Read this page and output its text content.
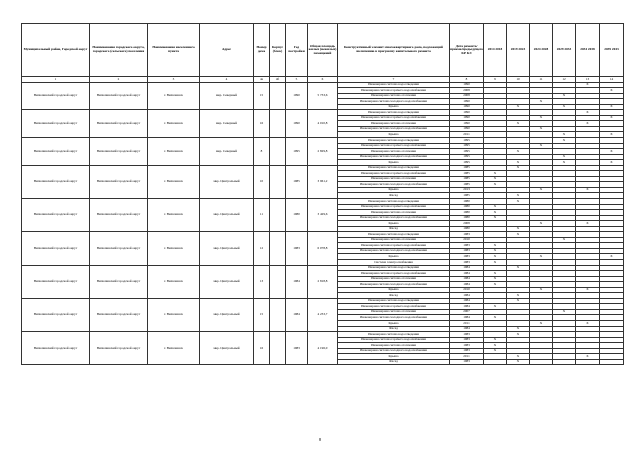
Муниципальный район, Городской округ	Наименование городского округа, городского (сельского) поселения	Наименование населенного пункта	Адрес	Номер дома	Корпус (блок)	Год постройки	Общая площадь жилых (нежилых) помещений	Конструктивный элемент многоквартирного дома, подлежащий включению в программу капитального ремонта	Дата ремонта/приема/предыдущего КР КЭ	2014 2018	2019 2023	2024 2028	2029 2033	2034 2038	2039 2043
1	2	3	4	4а	4б	5	6	7	8	9	10	11	12	13	14
Вилючинский городской округ	Вилючинский городской округ	г. Вилючинск	мкр. Северный	15		1990	5 733,6	Инженерная система водоотведения	1990					X	
								Инженерная система горячего водоснабжения	2008						X
								Инженерная система отопления	2008				X		
								Инженерная система холодного водоснабжения	1990			X			
								Крыша	1990		X		X		X
Вилючинский городской округ	Вилючинский городской округ	г. Вилючинск	мкр. Северный	16		1990	4 010,8	Инженерная система водоотведения	1990					X	
								Инженерная система горячего водоснабжения	1990			X			X
								Инженерная система отопления	1990		X			X	
								Инженерная система холодного водоснабжения	1990			X			
								Крыша	2011				X		X
Вилючинский городской округ	Вилючинский городской округ	г. Вилючинск	мкр. Северный	8		1995	2 829,8	Инженерная система водоотведения	1995				X		
								Инженерная система горячего водоснабжения	1995			X			
								Инженерная система отопления	1995		X				X
								Инженерная система холодного водоснабжения	1995				X		
								Крыша	1995		X		X		X
Вилючинский городской округ	Вилючинский городской округ	г. Вилючинск	мкр. Центральный	10		1985	3 961,2	Инженерная система водоотведения	1985		X				
								Инженерная система горячего водоснабжения	1985	X					
								Инженерная система отопления	1985	X					
								Инженерная система холодного водоснабжения	1985	X					
								Крыша	2013			X		X	
								Фасад	1985		X				
Вилючинский городской округ	Вилючинский городской округ	г. Вилючинск	мкр. Центральный	11		1980	3 429,6	Инженерная система водоотведения	1980		X				
								Инженерная система горячего водоснабжения	1980	X					
								Инженерная система отопления	1980	X					
								Инженерная система холодного водоснабжения	1980	X					
								Крыша	2008			X		X	
								Фасад	1980		X				
Вилючинский городской округ	Вилючинский городской округ	г. Вилючинск	мкр. Центральный	12		1983	6 078,8	Инженерная система водоотведения	1983		X				
								Инженерная система отопления	2010				X		
								Инженерная система горячего водоснабжения	1983	X					
								Инженерная система холодного водоснабжения	1983	X					
								Крыша	1983	X		X			X
								Система электроснабжения	1983	X					
Вилючинский городской округ	Вилючинский городской округ	г. Вилючинск	мкр. Центральный	13		1984	2 818,8	Инженерная система водоотведения	1984		X				
								Инженерная система горячего водоснабжения	1984	X					
								Инженерная система отопления	1984	X					
								Инженерная система холодного водоснабжения	1984	X					
								Крыша	2010			X		X	
								Фасад	1984		X				
Вилючинский городской округ	Вилючинский городской округ	г. Вилючинск	мкр. Центральный	15		1984	4 233,7	Инженерная система водоотведения	1984		X				
								Инженерная система горячего водоснабжения	1984	X					
								Инженерная система отопления	2007				X		
								Инженерная система холодного водоснабжения	1984	X					
								Крыша	2011			X		X	
								Фасад	1984		X				
Вилючинский городской округ	Вилючинский городской округ	г. Вилючинск	мкр. Центральный	16		1983	4 196,0	Инженерная система водоотведения	1983		X				
								Инженерная система горячего водоснабжения	1983	X					
								Инженерная система отопления	1983	X					
								Инженерная система холодного водоснабжения	1983	X					
								Крыша	2011		X			X	
								Фасад	1983		X				
8
